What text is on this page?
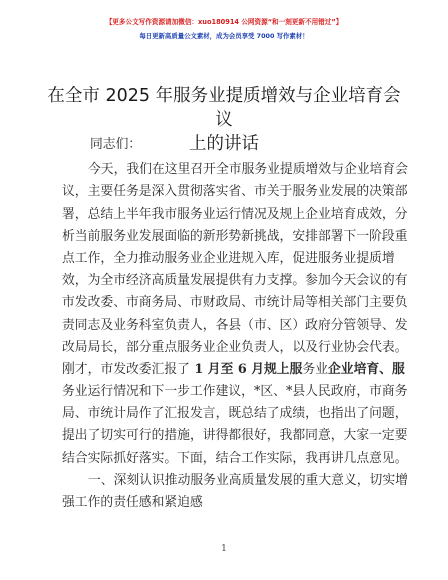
【更多公文写作资源请加微信：xuo180914 公网资源“和一刻更新不用错过”】
每日更新高质量公文素材，成为会员享受 7000 写作素材！
在全市 2025 年服务业提质增效与企业培育会议
上的讲话
同志们：
今天，我们在这里召开全市服务业提质增效与企业培育会
议，主要任务是深入贯彻落实省、市关于服务业发展的决策部
署，总结上半年我市服务业运行情况及规上企业培育成效，分
析当前服务业发展面临的新形势新挑战，安排部署下一阶段重
点工作，全力推动服务业企业进规入库，促进服务业提质增
效，为全市经济高质量发展提供有力支撑。参加今天会议的有
市发改委、市商务局、市财政局、市统计局等相关部门主要负
责同志及业务科室负责人，各县（市、区）政府分管领导、发
改局局长，部分重点服务业企业负责人，以及行业协会代表。
刚才，市发改委汇报了 1 月至 6 月规上服务业企业培育、服
务业运行情况和下一步工作建议，*区、*县人民政府，市商务
局、市统计局作了汇报发言，既总结了成绩，也指出了问题，
提出了切实可行的措施，讲得都很好，我都同意，大家一定要
结合实际抓好落实。下面，结合工作实际，我再讲几点意见。
一、深刻认识推动服务业高质量发展的重大意义，切实增
强工作的责任感和紧迫感
1
